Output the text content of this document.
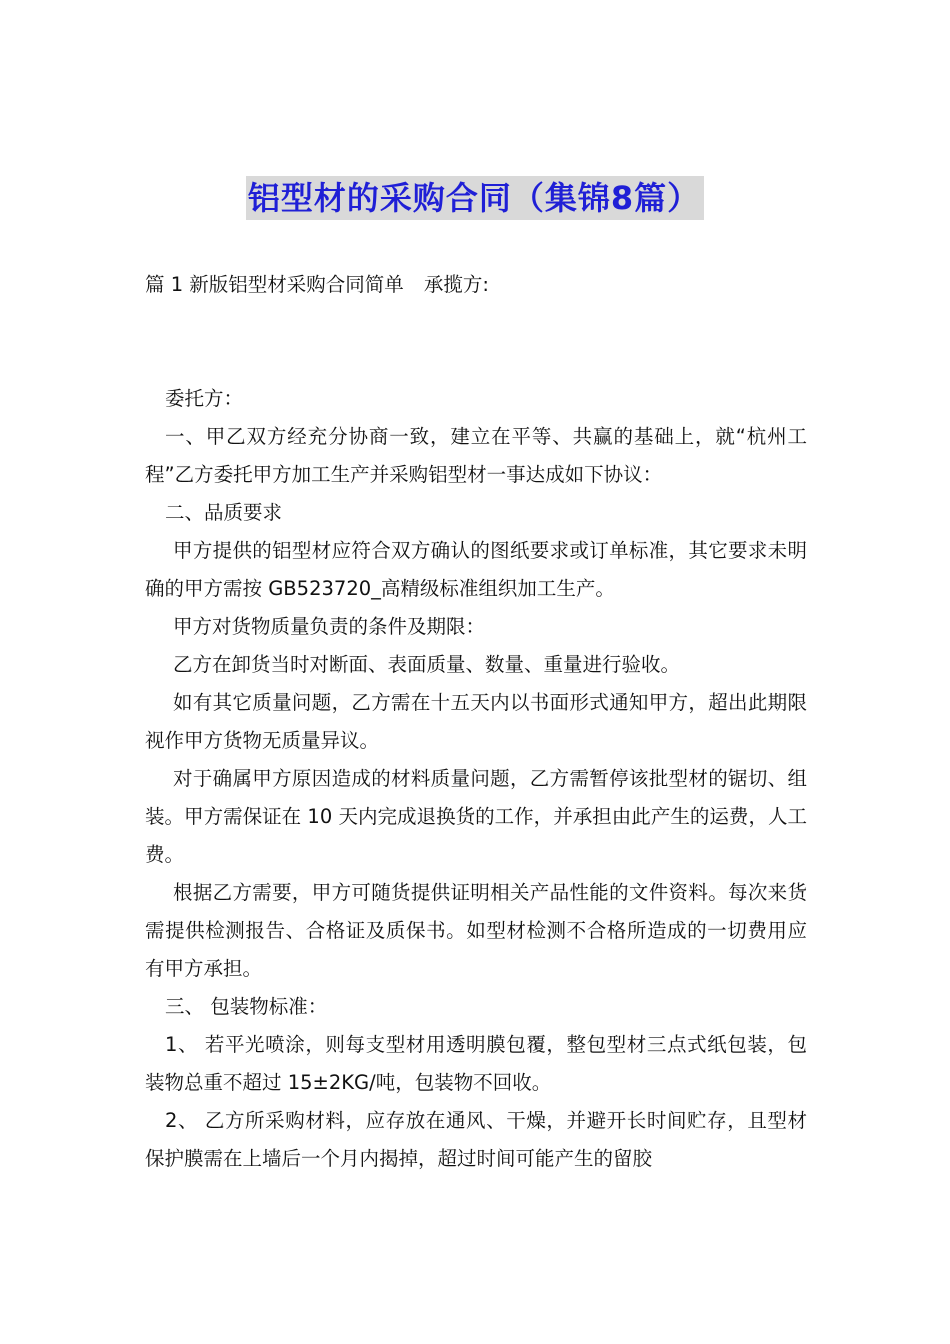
铝型材的采购合同（集锦8篇）
篇 1 新版铝型材采购合同简单 承揽方:

委托方：

一、甲乙双方经充分协商一致，建立在平等、共赢的基础上，就“杭州工程”乙方委托甲方加工生产并采购铝型材一事达成如下协议：

二、品质要求

甲方提供的铝型材应符合双方确认的图纸要求或订单标准，其它要求未明确的甲方需按 GB523720_高精级标准组织加工生产。

甲方对货物质量负责的条件及期限：

乙方在卸货当时对断面、表面质量、数量、重量进行验收。

如有其它质量问题，乙方需在十五天内以书面形式通知甲方，超出此期限视作甲方货物无质量异议。

对于确属甲方原因造成的材料质量问题，乙方需暂停该批型材的锯切、组装。甲方需保证在 10 天内完成退换货的工作，并承担由此产生的运费，人工费。

根据乙方需要，甲方可随货提供证明相关产品性能的文件资料。每次来货需提供检测报告、合格证及质保书。如型材检测不合格所造成的一切费用应有甲方承担。

三、 包装物标准：

1、 若平光喷涂，则每支型材用透明膜包覆，整包型材三点式纸包装，包装物总重不超过 15±2KG/吨，包装物不回收。

2、 乙方所采购材料，应存放在通风、干燥，并避开长时间贮存，且型材保护膜需在上墙后一个月内揭掉，超过时间可能产生的留胶
